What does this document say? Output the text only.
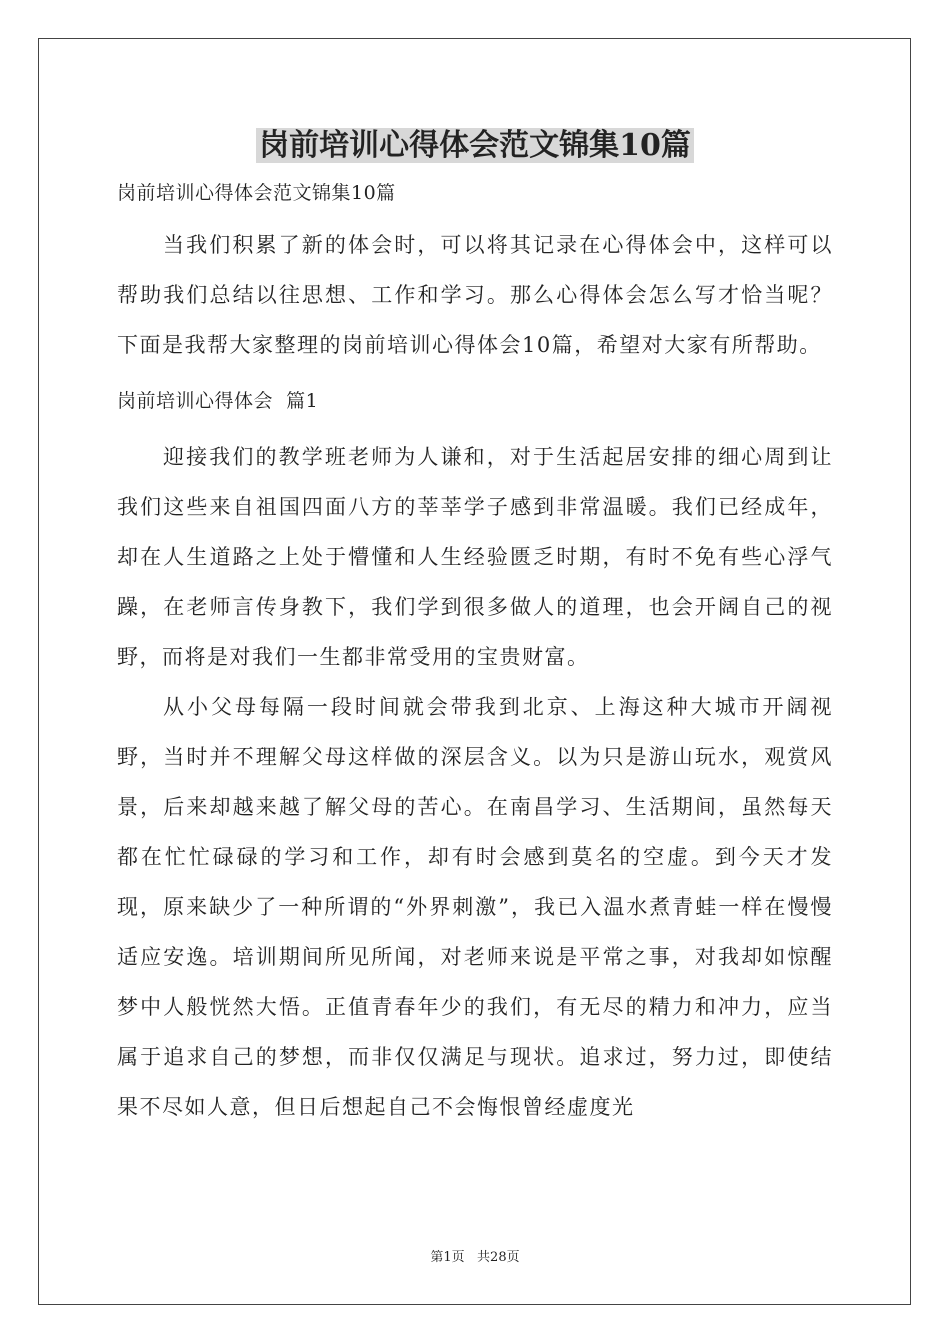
岗前培训心得体会范文锦集10篇
岗前培训心得体会范文锦集10篇

当我们积累了新的体会时，可以将其记录在心得体会中，这样可以帮助我们总结以往思想、工作和学习。那么心得体会怎么写才恰当呢？下面是我帮大家整理的岗前培训心得体会10篇，希望对大家有所帮助。

岗前培训心得体会  篇1

迎接我们的教学班老师为人谦和，对于生活起居安排的细心周到让我们这些来自祖国四面八方的莘莘学子感到非常温暖。我们已经成年，却在人生道路之上处于懵懂和人生经验匮乏时期，有时不免有些心浮气躁，在老师言传身教下，我们学到很多做人的道理，也会开阔自己的视野，而将是对我们一生都非常受用的宝贵财富。

从小父母每隔一段时间就会带我到北京、上海这种大城市开阔视野，当时并不理解父母这样做的深层含义。以为只是游山玩水，观赏风景，后来却越来越了解父母的苦心。在南昌学习、生活期间，虽然每天都在忙忙碌碌的学习和工作，却有时会感到莫名的空虚。到今天才发现，原来缺少了一种所谓的“外界刺激”，我已入温水煮青蛙一样在慢慢适应安逸。培训期间所见所闻，对老师来说是平常之事，对我却如惊醒梦中人般恍然大悟。正值青春年少的我们，有无尽的精力和冲力，应当属于追求自己的梦想，而非仅仅满足与现状。追求过，努力过，即使结果不尽如人意，但日后想起自己不会悔恨曾经虚度光

第1页   共28页
